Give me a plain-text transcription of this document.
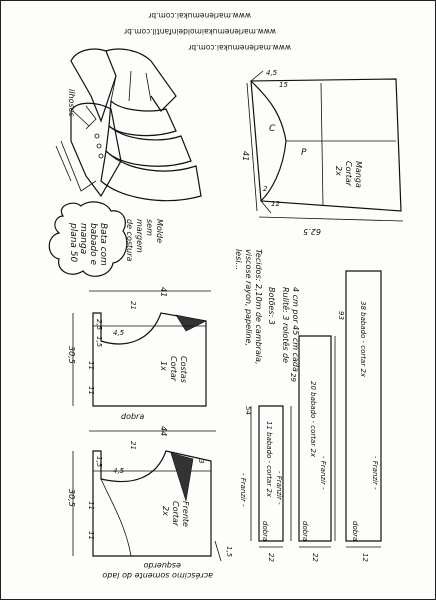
ilhoses
www.marlenemukai.com.br
www.marlenemukaimoldeinfantil.com.br
www.marlenemukai.com.br
Bata com
babado e
manga
plana 50	Molde
sem
margem
de costura
P
C
Manga
Cortar
2x
41
62.5
4,5
2
12
15
Tecidos: 2,10m de cambraia,
viscose rayon, papeline,
lesi...
Botões: 3 Rulitê: 3 rolotês de 4 cm por 45 cm cada
11 babado - cortar 2x
20 babado - cortar 2x
38 babado - cortar 2x
- Franzir -	- Franzir -	- Franzir -
- Franzir -
29
93
54
dobra	dobra	dobra
22	22	12
Costas
Cortar
1x
dobra
41
30,5
21
4,5
11
11
2,5
1,5
Frente
Cortar
2x
44
30,5
21
4,5
11
11
1,5	3
acréscimo somente do lado
esquerdo
1,5
